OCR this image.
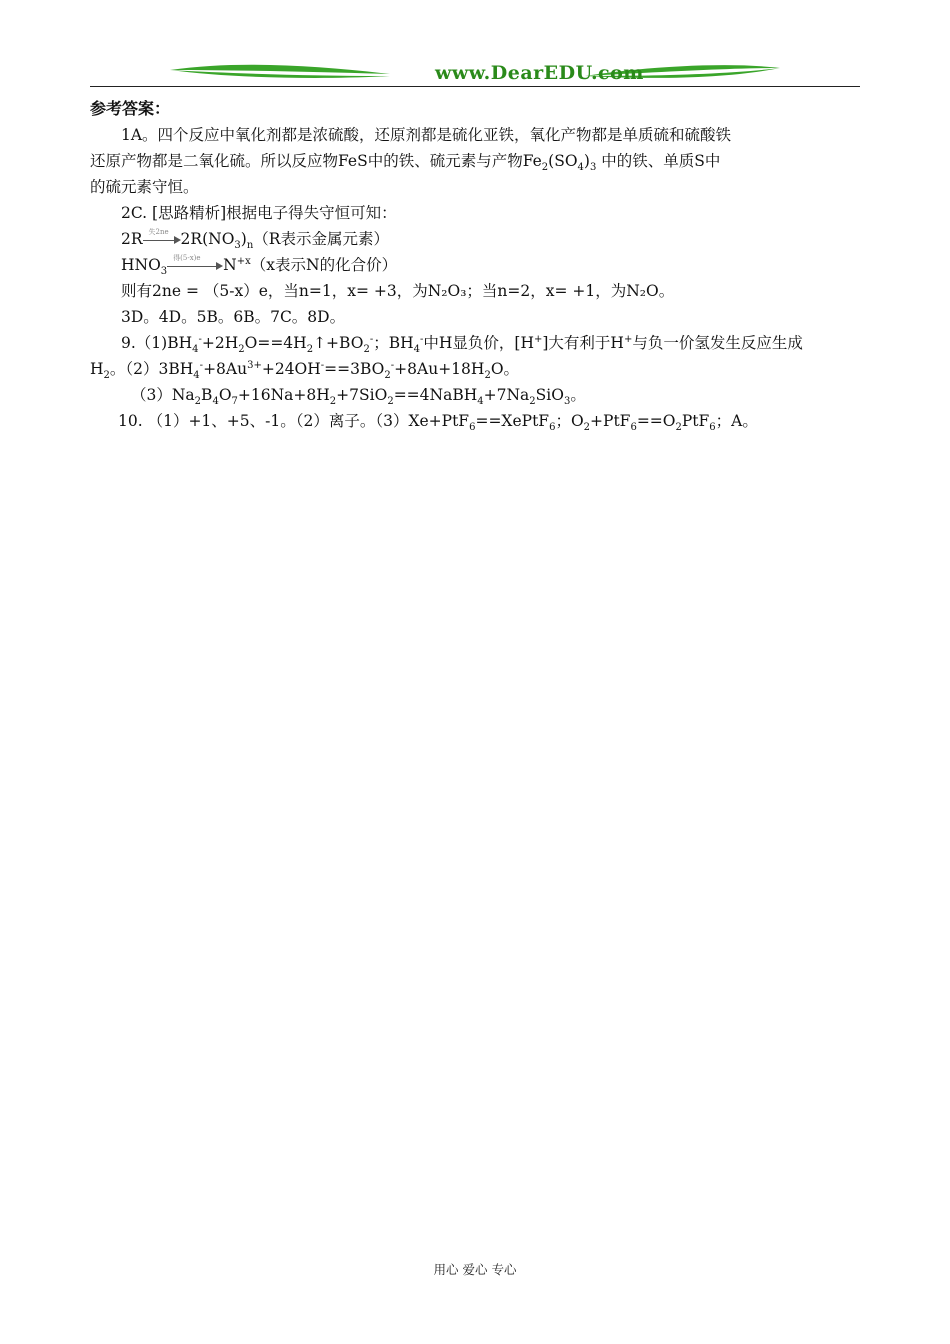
www.DearEDU.com

参考答案：

1A。四个反应中氧化剂都是浓硫酸，还原剂都是硫化亚铁，氧化产物都是单质硫和硫酸铁

还原产物都是二氧化硫。所以反应物FeS中的铁、硫元素与产物$Fe_2(SO_4)_3$ 中的铁、单质S中

的硫元素守恒。

2C. [思路精析]根据电子得失守恒可知：

2R 失2ne $2R(NO_3)_n(R$表示金属元素）

$HNO_3$
得(5-x)e $N^{+x}(x$表示N的化合价）

则有2ne = （5-x）e，当n=1，x= +3，为N₂O₃；当n=2，x= +1，为N₂O。

3D。4D。5B。6B。7C。8D。

$9.(1)BH_4^-+2H_2O==4H_2↑+BO_2^-$；$BH_4^-$中H显负价，[H+]大有利于H+与负一价氢发生反应生成

$H_2$。$(2)3BH_4^-+8Au^{3+}+24OH^-==3BO_2^-+8Au+18H_2O$。

$(3)Na_2B_4O_7+16Na+8H_2+7SiO_2==4NaBH_4+7Na_2SiO_3$。

10. （1）+1、+5、-1。（2）离子。（3）Xe+PtF$_6$==XePtF$_6$；$O_2+PtF_6==O_2PtF_6$；A。

用心 爱心 专心
